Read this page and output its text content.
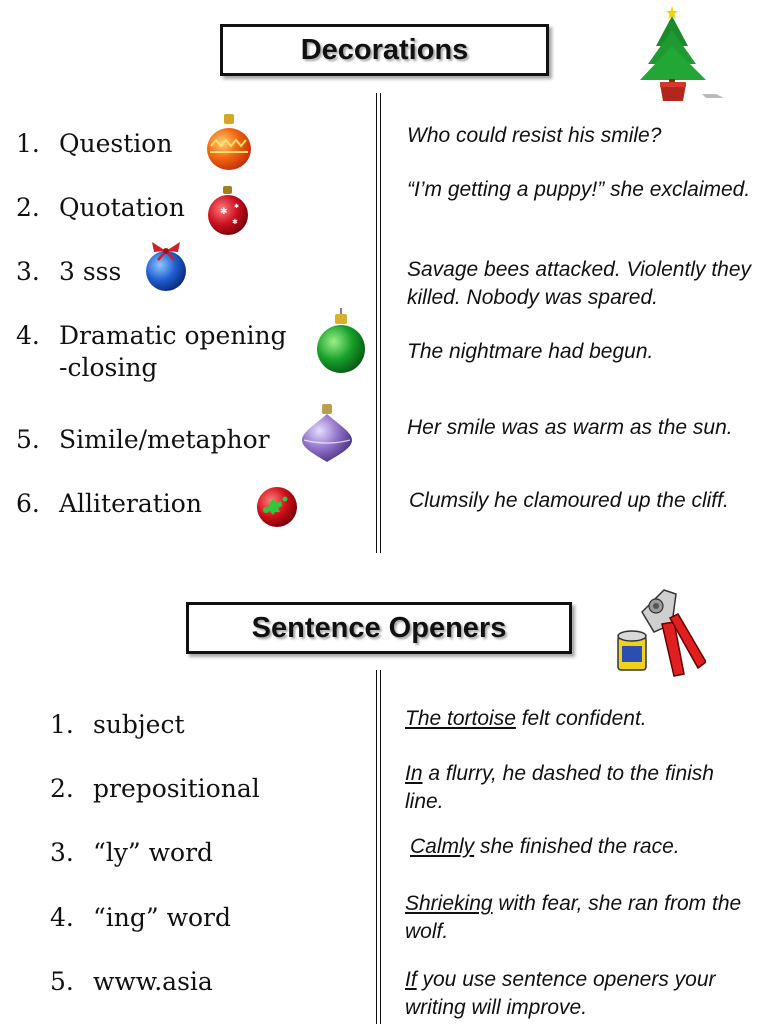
Decorations
1. Question
2. Quotation	✱
✱
✱
3. 3 sss
4. Dramatic opening
-closing
5. Simile/metaphor
6. Alliteration
Who could resist his smile?
“I’m getting a puppy!” she exclaimed.
Savage bees attacked. Violently they killed. Nobody was spared.
The nightmare had begun.
Her smile was as warm as the sun.
Clumsily he clamoured up the cliff.
Sentence Openers
1. subject
2. prepositional
3. “ly” word
4. “ing” word
5. www.asia
The tortoise felt confident.
In a flurry, he dashed to the finish line.
Calmly she finished the race.
Shrieking with fear, she ran from the wolf.
If you use sentence openers your writing will improve.
